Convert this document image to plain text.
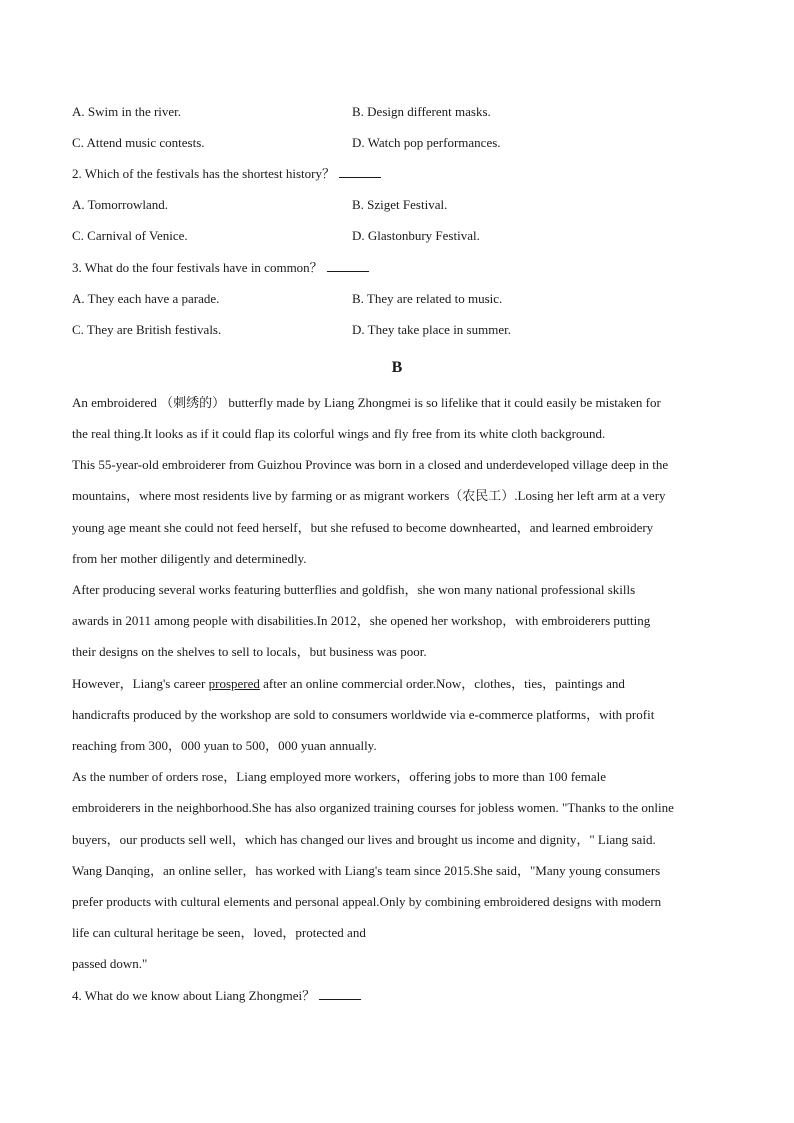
A. Swim in the river.	B. Design different masks.
C. Attend music contests.	D. Watch pop performances.
2. Which of the festivals has the shortest history？
A. Tomorrowland.	B. Sziget Festival.
C. Carnival of Venice.	D. Glastonbury Festival.
3. What do the four festivals have in common？
A. They each have a parade.	B. They are related to music.
C. They are British festivals.	D. They take place in summer.
B
An embroidered （刺绣的） butterfly made by Liang Zhongmei is so lifelike that it could easily be mistaken for
the real thing.It looks as if it could flap its colorful wings and fly free from its white cloth background.
This 55-year-old embroiderer from Guizhou Province was born in a closed and underdeveloped village deep in the
mountains，where most residents live by farming or as migrant workers（农民工）.Losing her left arm at a very
young age meant she could not feed herself，but she refused to become downhearted，and learned embroidery
from her mother diligently and determinedly.
After producing several works featuring butterflies and goldfish，she won many national professional skills
awards in 2011 among people with disabilities.In 2012，she opened her workshop，with embroiderers putting
their designs on the shelves to sell to locals，but business was poor.
However，Liang's career prospered after an online commercial order.Now，clothes，ties，paintings and
handicrafts produced by the workshop are sold to consumers worldwide via e-commerce platforms，with profit
reaching from 300，000 yuan to 500，000 yuan annually.
As the number of orders rose，Liang employed more workers，offering jobs to more than 100 female
embroiderers in the neighborhood.She has also organized training courses for jobless women. "Thanks to the online
buyers，our products sell well，which has changed our lives and brought us income and dignity，" Liang said.
Wang Danqing，an online seller，has worked with Liang's team since 2015.She said，"Many young consumers
prefer products with cultural elements and personal appeal.Only by combining embroidered designs with modern
life can cultural heritage be seen，loved，protected and
passed down."
4. What do we know about Liang Zhongmei？
